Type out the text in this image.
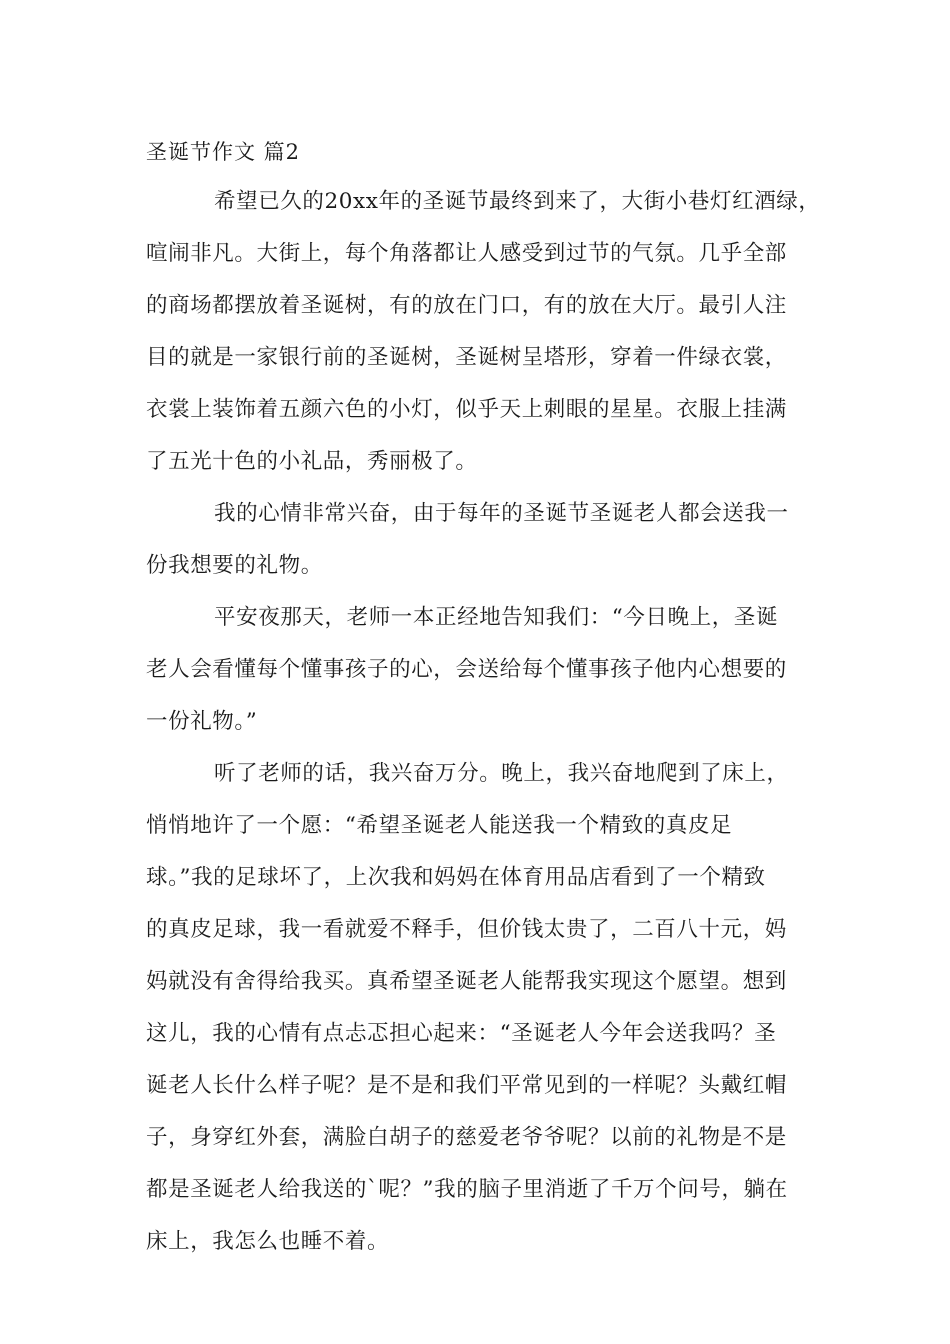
圣诞节作文 篇2
希望已久的20xx年的圣诞节最终到来了，大街小巷灯红酒绿，
喧闹非凡。大街上，每个角落都让人感受到过节的气氛。几乎全部
的商场都摆放着圣诞树，有的放在门口，有的放在大厅。最引人注
目的就是一家银行前的圣诞树，圣诞树呈塔形，穿着一件绿衣裳，
衣裳上装饰着五颜六色的小灯，似乎天上刺眼的星星。衣服上挂满
了五光十色的小礼品，秀丽极了。
我的心情非常兴奋，由于每年的圣诞节圣诞老人都会送我一
份我想要的礼物。
平安夜那天，老师一本正经地告知我们：“今日晚上，圣诞
老人会看懂每个懂事孩子的心，会送给每个懂事孩子他内心想要的
一份礼物。”
听了老师的话，我兴奋万分。晚上，我兴奋地爬到了床上，
悄悄地许了一个愿：“希望圣诞老人能送我一个精致的真皮足
球。”我的足球坏了，上次我和妈妈在体育用品店看到了一个精致
的真皮足球，我一看就爱不释手，但价钱太贵了，二百八十元，妈
妈就没有舍得给我买。真希望圣诞老人能帮我实现这个愿望。想到
这儿，我的心情有点忐忑担心起来：“圣诞老人今年会送我吗？圣
诞老人长什么样子呢？是不是和我们平常见到的一样呢？头戴红帽
子，身穿红外套，满脸白胡子的慈爱老爷爷呢？以前的礼物是不是
都是圣诞老人给我送的`呢？”我的脑子里消逝了千万个问号，躺在
床上，我怎么也睡不着。
